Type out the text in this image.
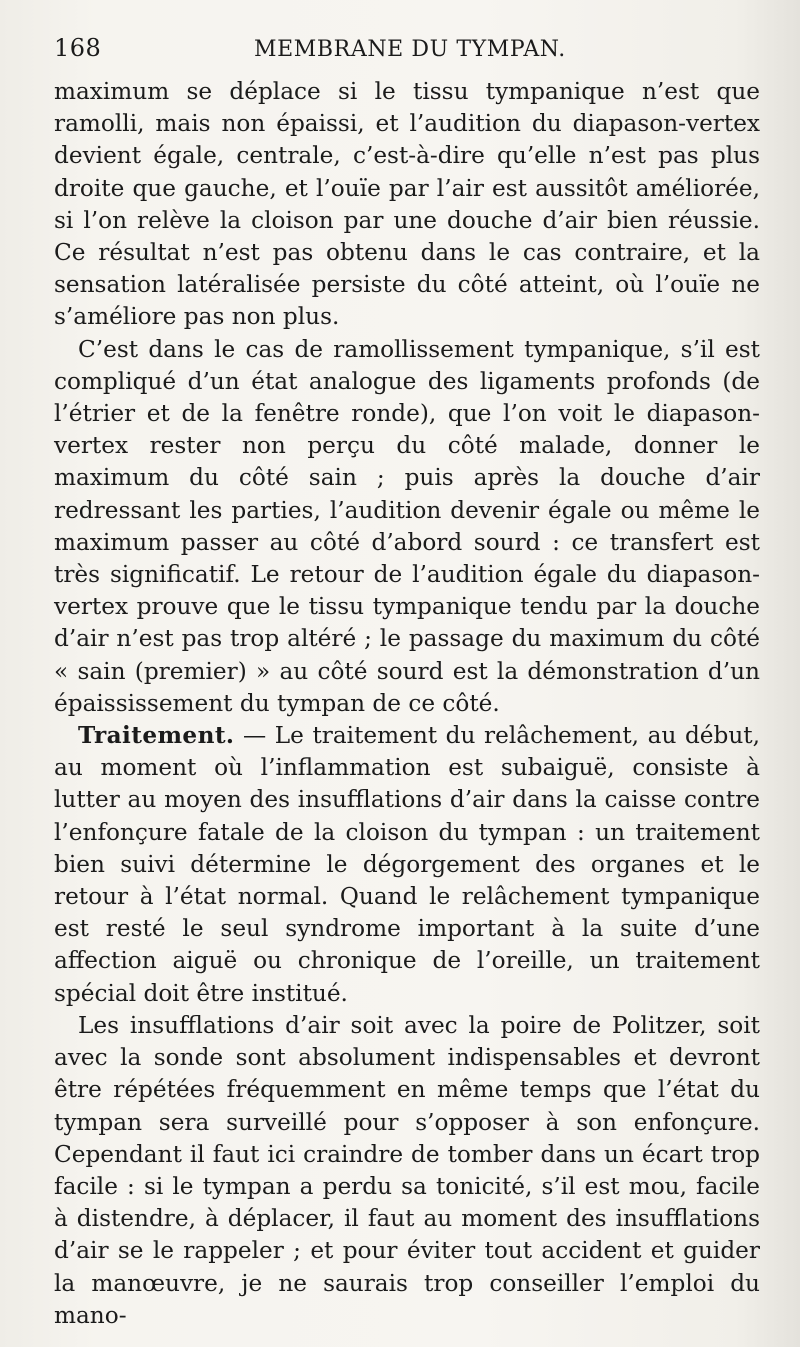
168	MEMBRANE DU TYMPAN.

maximum se déplace si le tissu tympanique n’est que ramolli, mais non épaissi, et l’audition du diapason-vertex devient égale, centrale, c’est-à-dire qu’elle n’est pas plus droite que gauche, et l’ouïe par l’air est aussitôt améliorée, si l’on relève la cloison par une douche d’air bien réussie. Ce résultat n’est pas obtenu dans le cas contraire, et la sensation latéralisée persiste du côté atteint, où l’ouïe ne s’améliore pas non plus.

C’est dans le cas de ramollissement tympanique, s’il est compliqué d’un état analogue des ligaments profonds (de l’étrier et de la fenêtre ronde), que l’on voit le diapason-vertex rester non perçu du côté malade, donner le maximum du côté sain ; puis après la douche d’air redressant les parties, l’audition devenir égale ou même le maximum passer au côté d’abord sourd : ce transfert est très significatif. Le retour de l’audition égale du diapason-vertex prouve que le tissu tympanique tendu par la douche d’air n’est pas trop altéré ; le passage du maximum du côté « sain (premier) » au côté sourd est la démonstration d’un épaississement du tympan de ce côté.

Traitement. — Le traitement du relâchement, au début, au moment où l’inflammation est subaiguë, consiste à lutter au moyen des insufflations d’air dans la caisse contre l’enfonçure fatale de la cloison du tympan : un traitement bien suivi détermine le dégorgement des organes et le retour à l’état normal. Quand le relâchement tympanique est resté le seul syndrome important à la suite d’une affection aiguë ou chronique de l’oreille, un traitement spécial doit être institué.

Les insufflations d’air soit avec la poire de Politzer, soit avec la sonde sont absolument indispensables et devront être répétées fréquemment en même temps que l’état du tympan sera surveillé pour s’opposer à son enfonçure. Cependant il faut ici craindre de tomber dans un écart trop facile : si le tympan a perdu sa tonicité, s’il est mou, facile à distendre, à déplacer, il faut au moment des insufflations d’air se le rappeler ; et pour éviter tout accident et guider la manœuvre, je ne saurais trop conseiller l’emploi du mano-
